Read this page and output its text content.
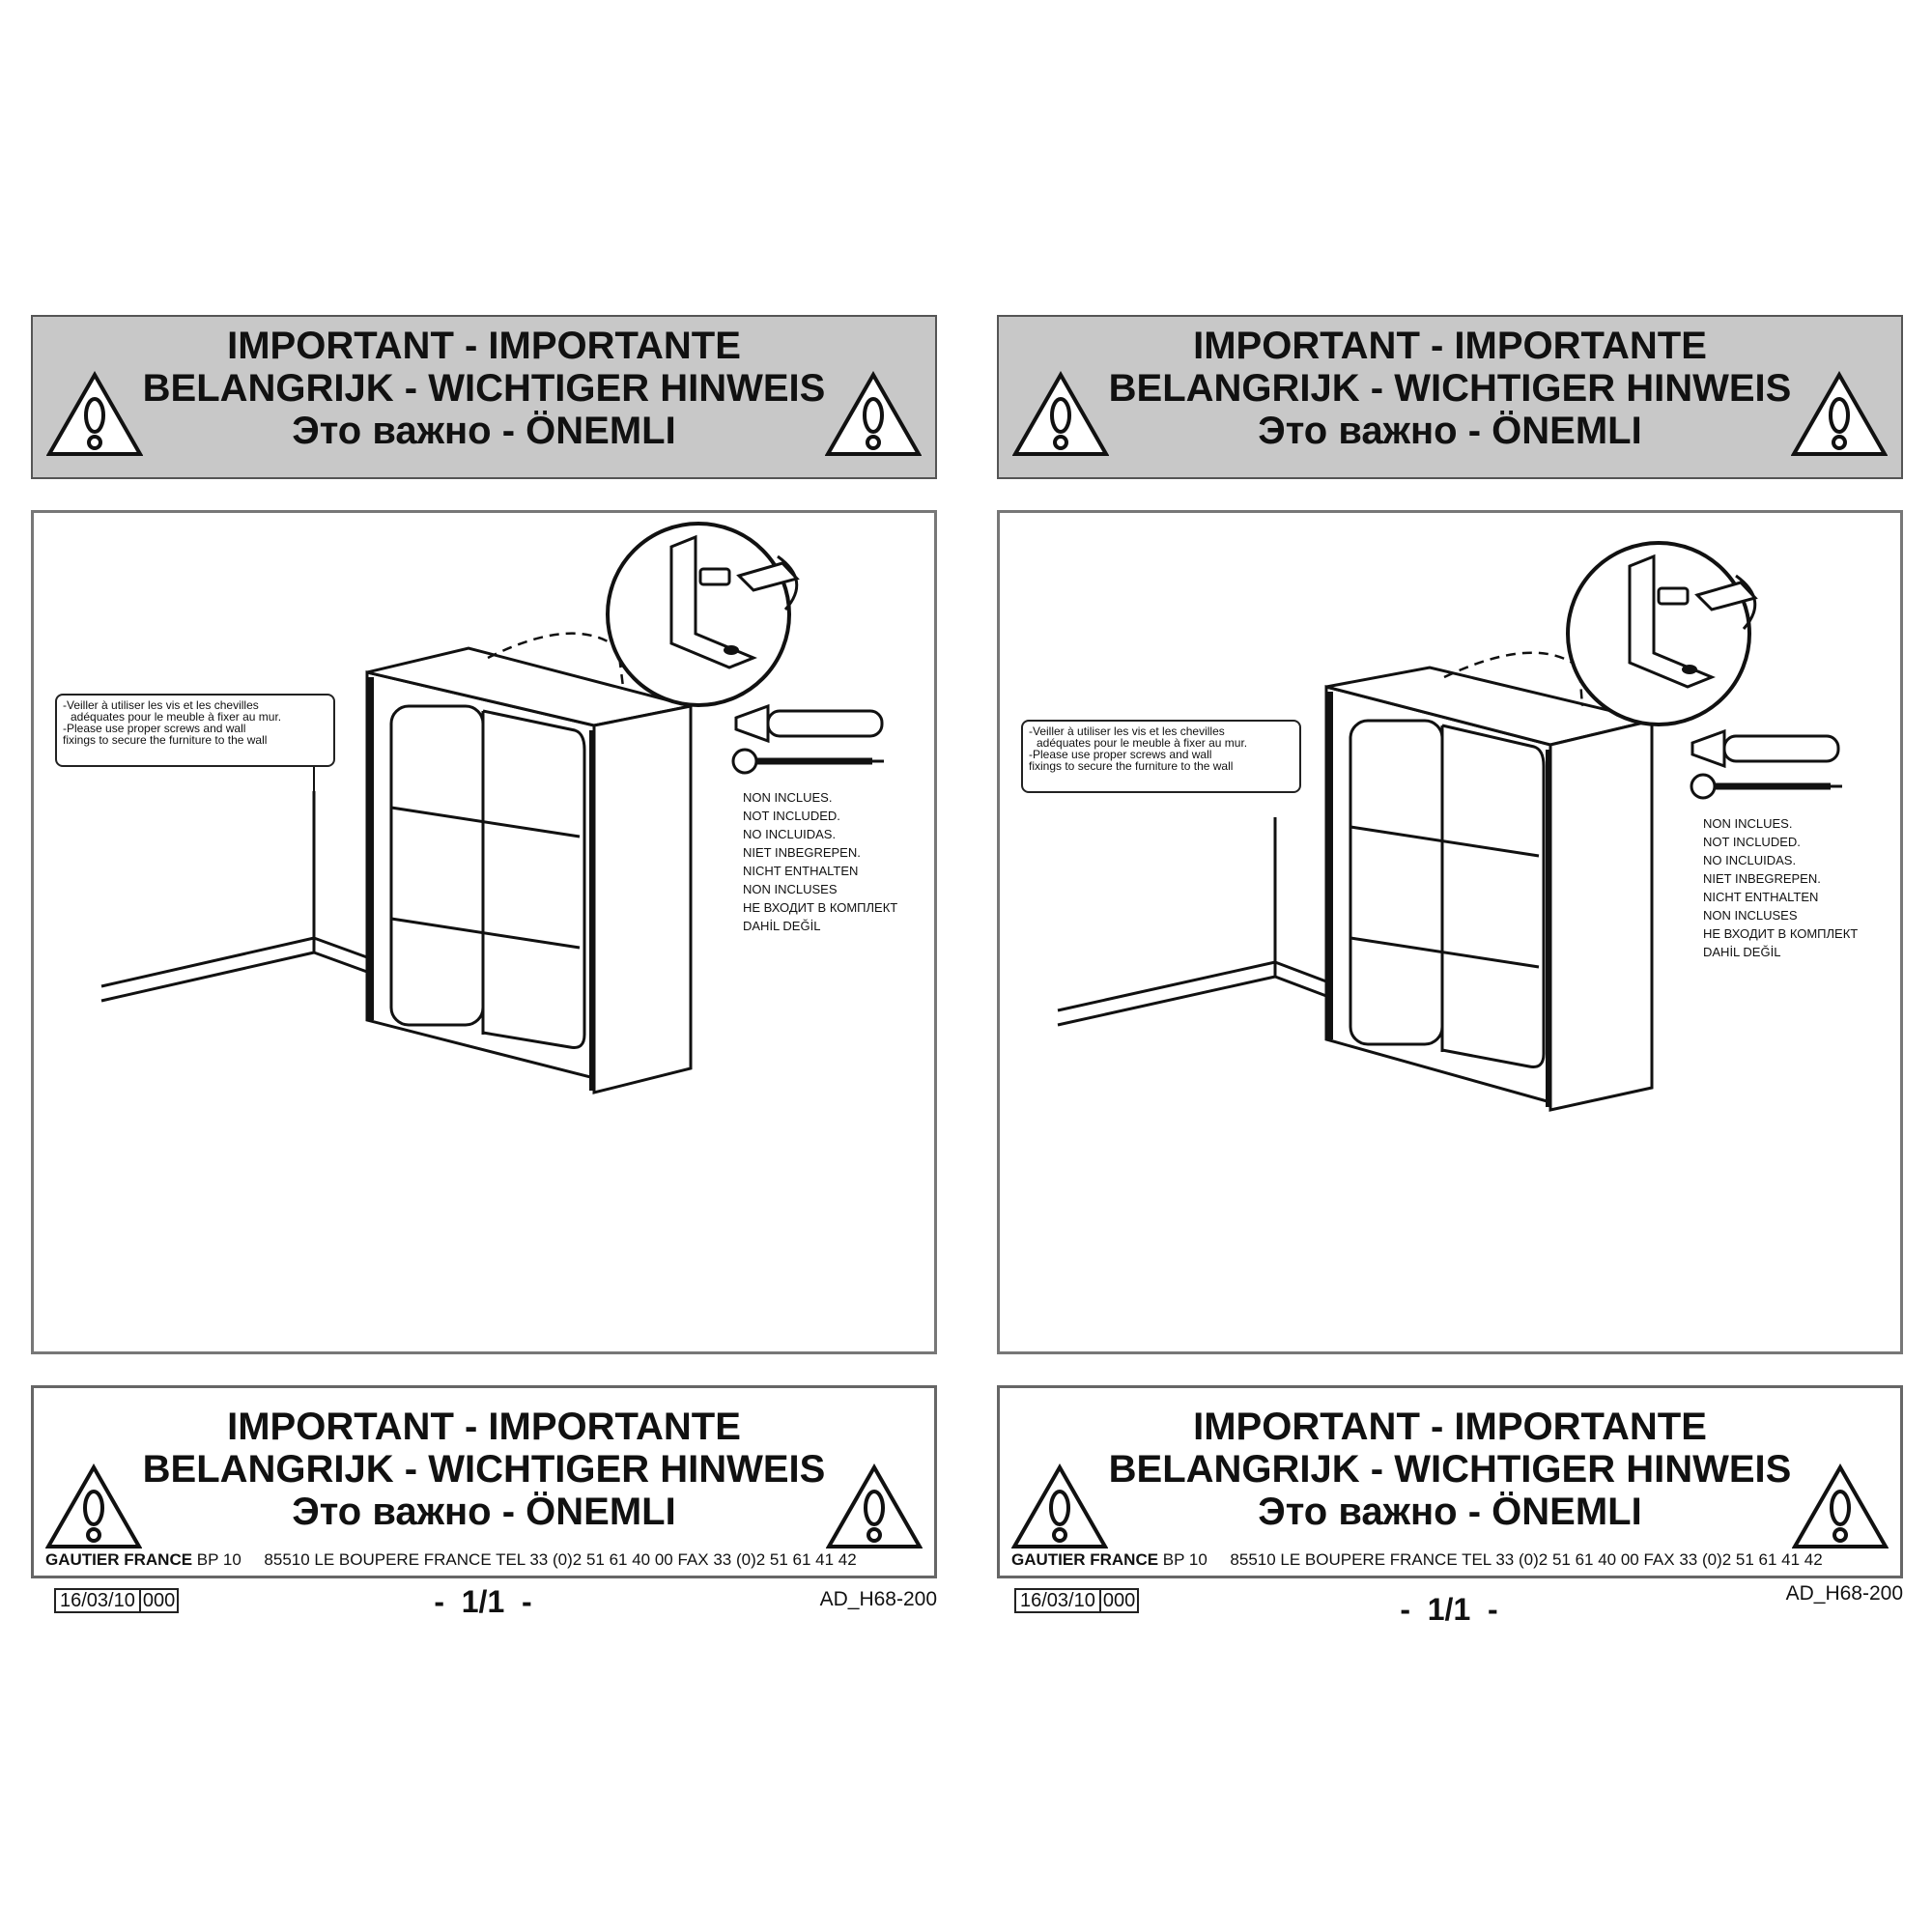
IMPORTANT - IMPORTANTE
BELANGRIJK - WICHTIGER HINWEIS
Это важно - ÖNEMLI
-Veiller à utiliser les vis et les chevilles
adéquates pour le meuble à fixer au mur.
-Please use proper screws and wall
fixings to secure the furniture to the wall
NON INCLUES.
NOT INCLUDED.
NO INCLUIDAS.
NIET INBEGREPEN.
NICHT ENTHALTEN
NON INCLUSES
НЕ ВХОДИТ В КОМПЛЕКТ
DAHİL DEĞİL
IMPORTANT - IMPORTANTE
BELANGRIJK - WICHTIGER HINWEIS
Это важно - ÖNEMLI
GAUTIER FRANCE BP 10     85510 LE BOUPERE FRANCE TEL 33 (0)2 51 61 40 00 FAX 33 (0)2 51 61 41 42
16/03/10 000	-  1/1  -	AD_H68-200
IMPORTANT - IMPORTANTE
BELANGRIJK - WICHTIGER HINWEIS
Это важно - ÖNEMLI
-Veiller à utiliser les vis et les chevilles
adéquates pour le meuble à fixer au mur.
-Please use proper screws and wall
fixings to secure the furniture to the wall
NON INCLUES.
NOT INCLUDED.
NO INCLUIDAS.
NIET INBEGREPEN.
NICHT ENTHALTEN
NON INCLUSES
НЕ ВХОДИТ В КОМПЛЕКТ
DAHİL DEĞİL
IMPORTANT - IMPORTANTE
BELANGRIJK - WICHTIGER HINWEIS
Это важно - ÖNEMLI
GAUTIER FRANCE BP 10     85510 LE BOUPERE FRANCE TEL 33 (0)2 51 61 40 00 FAX 33 (0)2 51 61 41 42
16/03/10 000	-  1/1  -	AD_H68-200
